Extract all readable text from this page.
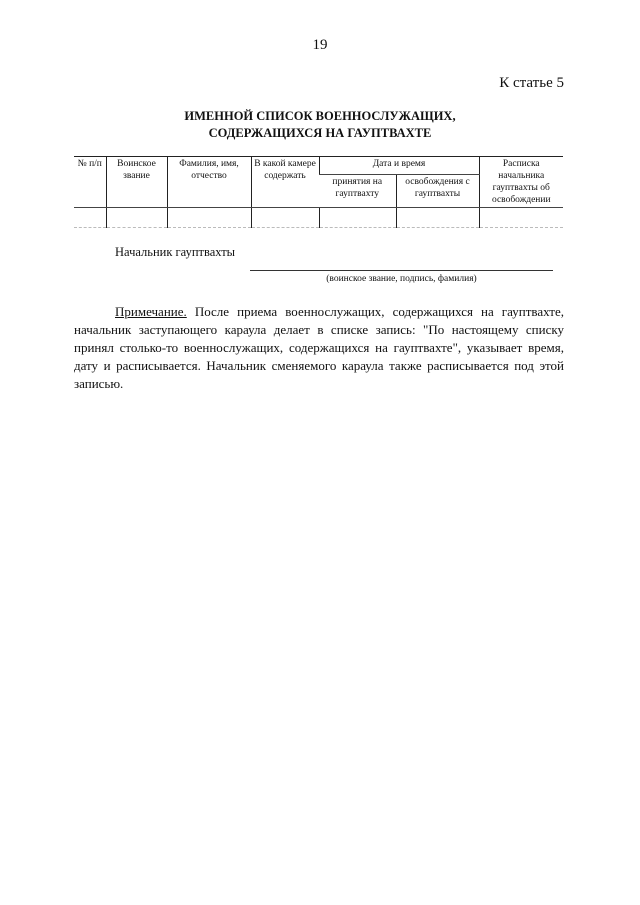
19
К статье 5
ИМЕННОЙ СПИСОК ВОЕННОСЛУЖАЩИХ,
СОДЕРЖАЩИХСЯ НА ГАУПТВАХТЕ
№ п/п	Воинское звание	Фамилия, имя, отчество	В какой камере содержать	Дата и время		Расписка начальника гауптвахты об освобождении
				принятия на гауптвахту	освобождения с гауптвахты	

Начальник гауптвахты
(воинское звание, подпись, фамилия)
Примечание. После приема военнослужащих, содержащихся на гауптвахте, начальник заступающего караула делает в списке запись: "По настоящему списку принял столько-то военнослужащих, содержащихся на гауптвахте", указывает время, дату и расписывается. Начальник сменяемого караула также расписывается под этой записью.
